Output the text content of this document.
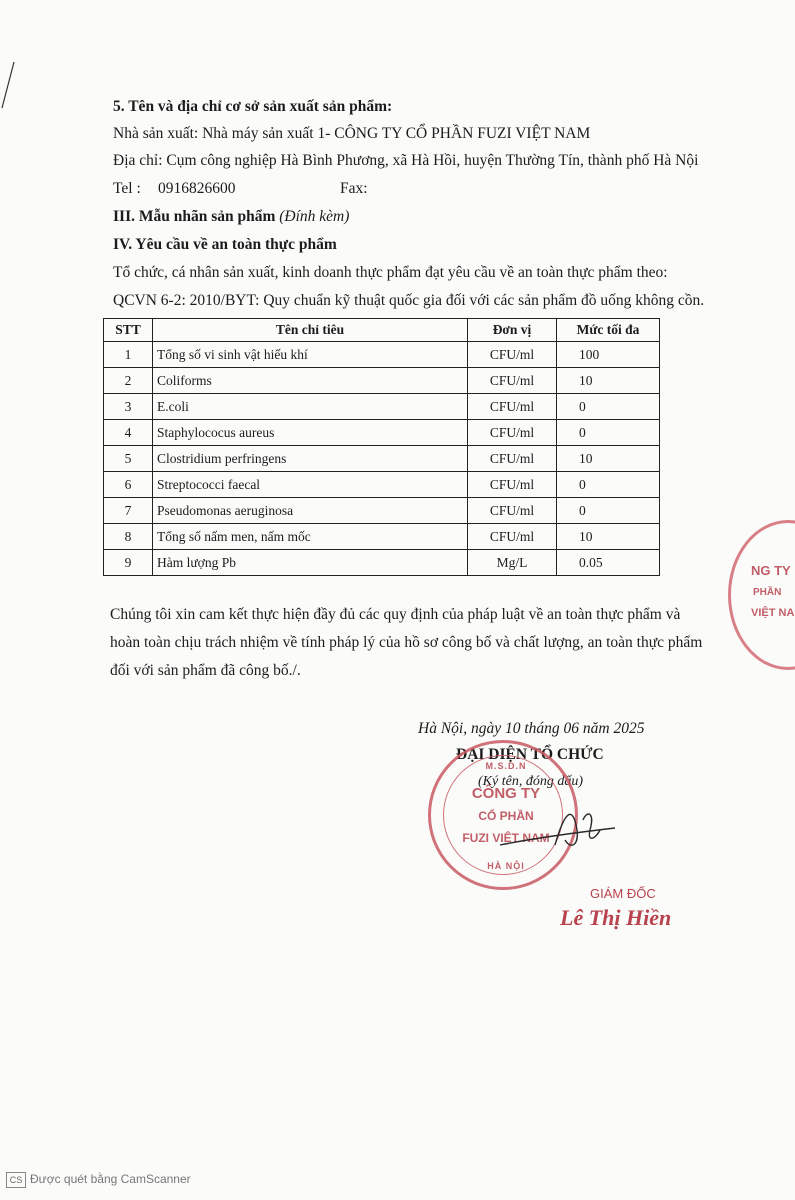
5. Tên và địa chỉ cơ sở sản xuất sản phẩm:
Nhà sản xuất: Nhà máy sản xuất 1- CÔNG TY CỔ PHẦN FUZI VIỆT NAM
Địa chỉ: Cụm công nghiệp Hà Bình Phương, xã Hà Hồi, huyện Thường Tín, thành phố Hà Nội
Tel : 0916826600	Fax:
III. Mẫu nhãn sản phẩm (Đính kèm)
IV. Yêu cầu về an toàn thực phẩm
Tổ chức, cá nhân sản xuất, kinh doanh thực phẩm đạt yêu cầu về an toàn thực phẩm theo:
QCVN 6-2: 2010/BYT: Quy chuẩn kỹ thuật quốc gia đối với các sản phẩm đồ uống không cồn.
STT	Tên chỉ tiêu	Đơn vị	Mức tối đa
1	Tổng số vi sinh vật hiếu khí	CFU/ml	100
2	Coliforms	CFU/ml	10
3	E.coli	CFU/ml	0
4	Staphylococus aureus	CFU/ml	0
5	Clostridium perfringens	CFU/ml	10
6	Streptococci faecal	CFU/ml	0
7	Pseudomonas aeruginosa	CFU/ml	0
8	Tổng số nấm men, nấm mốc	CFU/ml	10
9	Hàm lượng Pb	Mg/L	0.05
Chúng tôi xin cam kết thực hiện đầy đủ các quy định của pháp luật về an toàn thực phẩm và
hoàn toàn chịu trách nhiệm về tính pháp lý của hồ sơ công bố và chất lượng, an toàn thực phẩm
đối với sản phẩm đã công bố./.
Hà Nội, ngày 10 tháng 06 năm 2025
ĐẠI DIỆN TỔ CHỨC
(Ký tên, đóng dấu)
M.S.D.N
CÔNG TY
CỔ PHẦN
FUZI VIỆT NAM
HÀ NỘI
GIÁM ĐỐC
Lê Thị Hiền
NG TY
PHẦN
VIỆT NA
CS Được quét bằng CamScanner
